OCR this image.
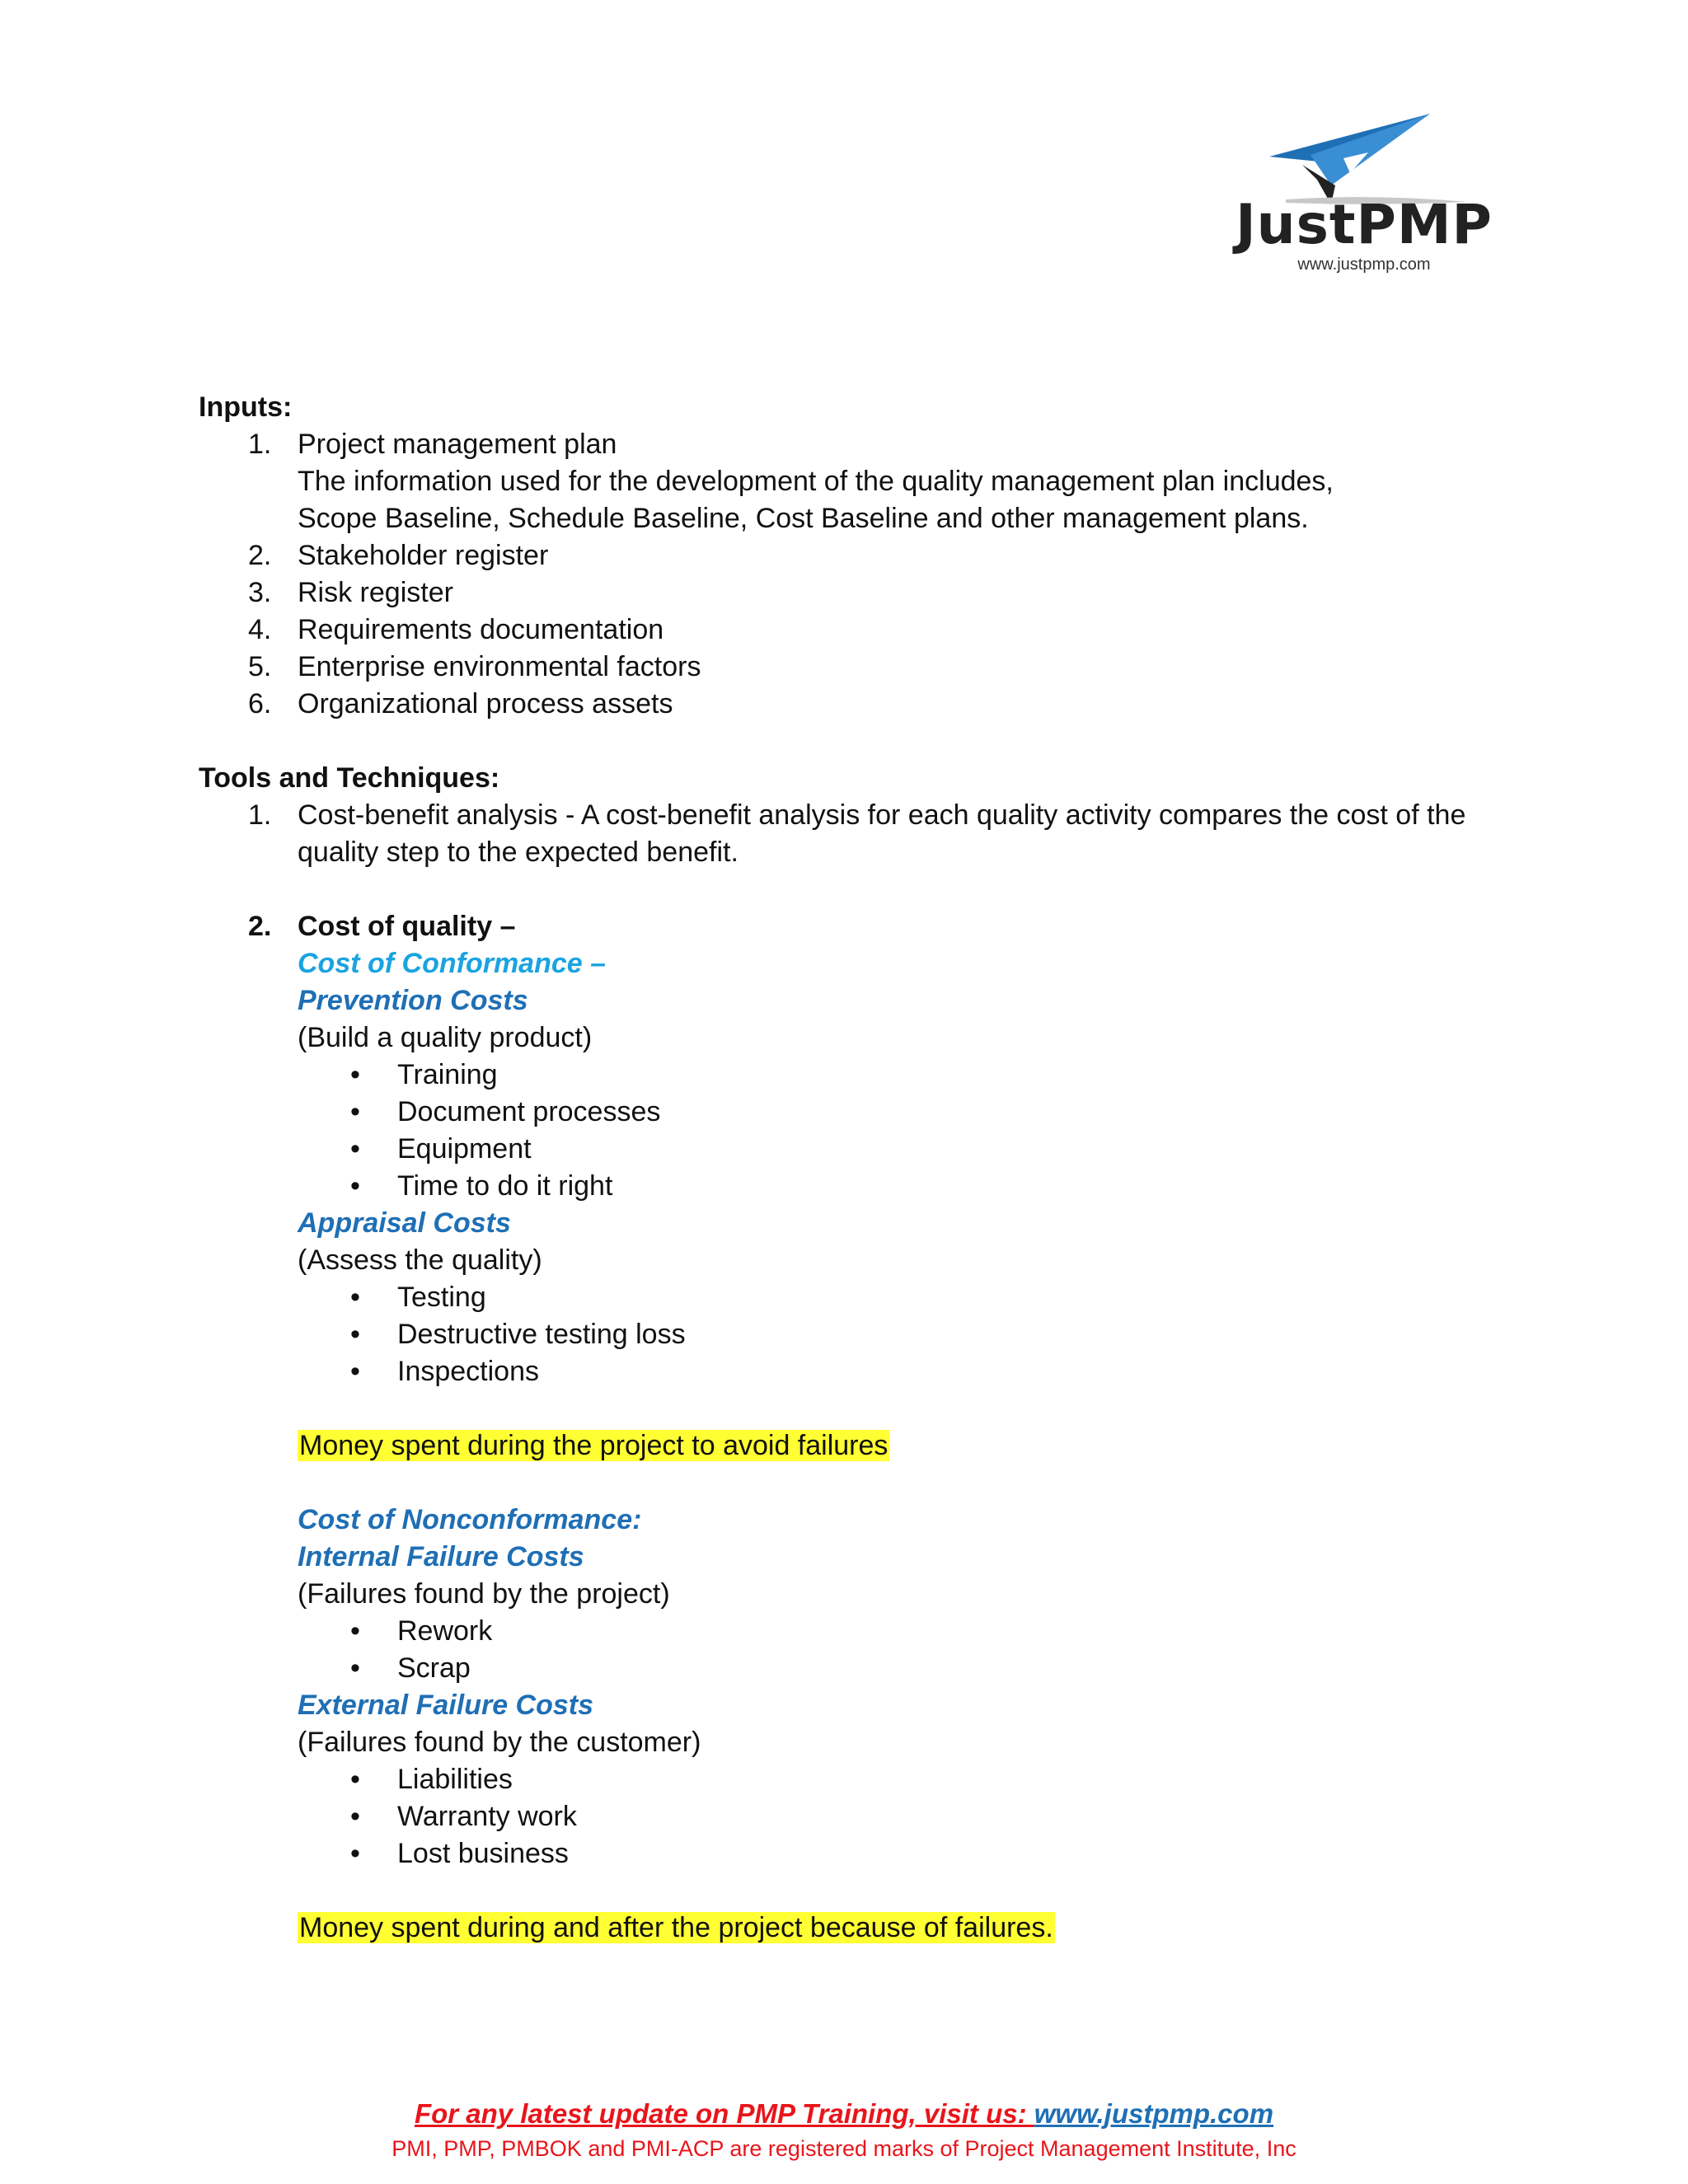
JustPMP
www.justpmp.com
Inputs:
1. Project management plan
The information used for the development of the quality management plan includes,
Scope Baseline, Schedule Baseline, Cost Baseline and other management plans.
2. Stakeholder register
3. Risk register
4. Requirements documentation
5. Enterprise environmental factors
6. Organizational process assets
Tools and Techniques:
1. Cost-benefit analysis - A cost-benefit analysis for each quality activity compares the cost of the
quality step to the expected benefit.
2. Cost of quality –
Cost of Conformance –
Prevention Costs
(Build a quality product)
•	Training
•	Document processes
•	Equipment
•	Time to do it right
Appraisal Costs
(Assess the quality)
•	Testing
•	Destructive testing loss
•	Inspections
Money spent during the project to avoid failures
Cost of Nonconformance:
Internal Failure Costs
(Failures found by the project)
•	Rework
•	Scrap
External Failure Costs
(Failures found by the customer)
•	Liabilities
•	Warranty work
•	Lost business
Money spent during and after the project because of failures.
For any latest update on PMP Training, visit us: www.justpmp.com
PMI, PMP, PMBOK and PMI-ACP are registered marks of Project Management Institute, Inc
